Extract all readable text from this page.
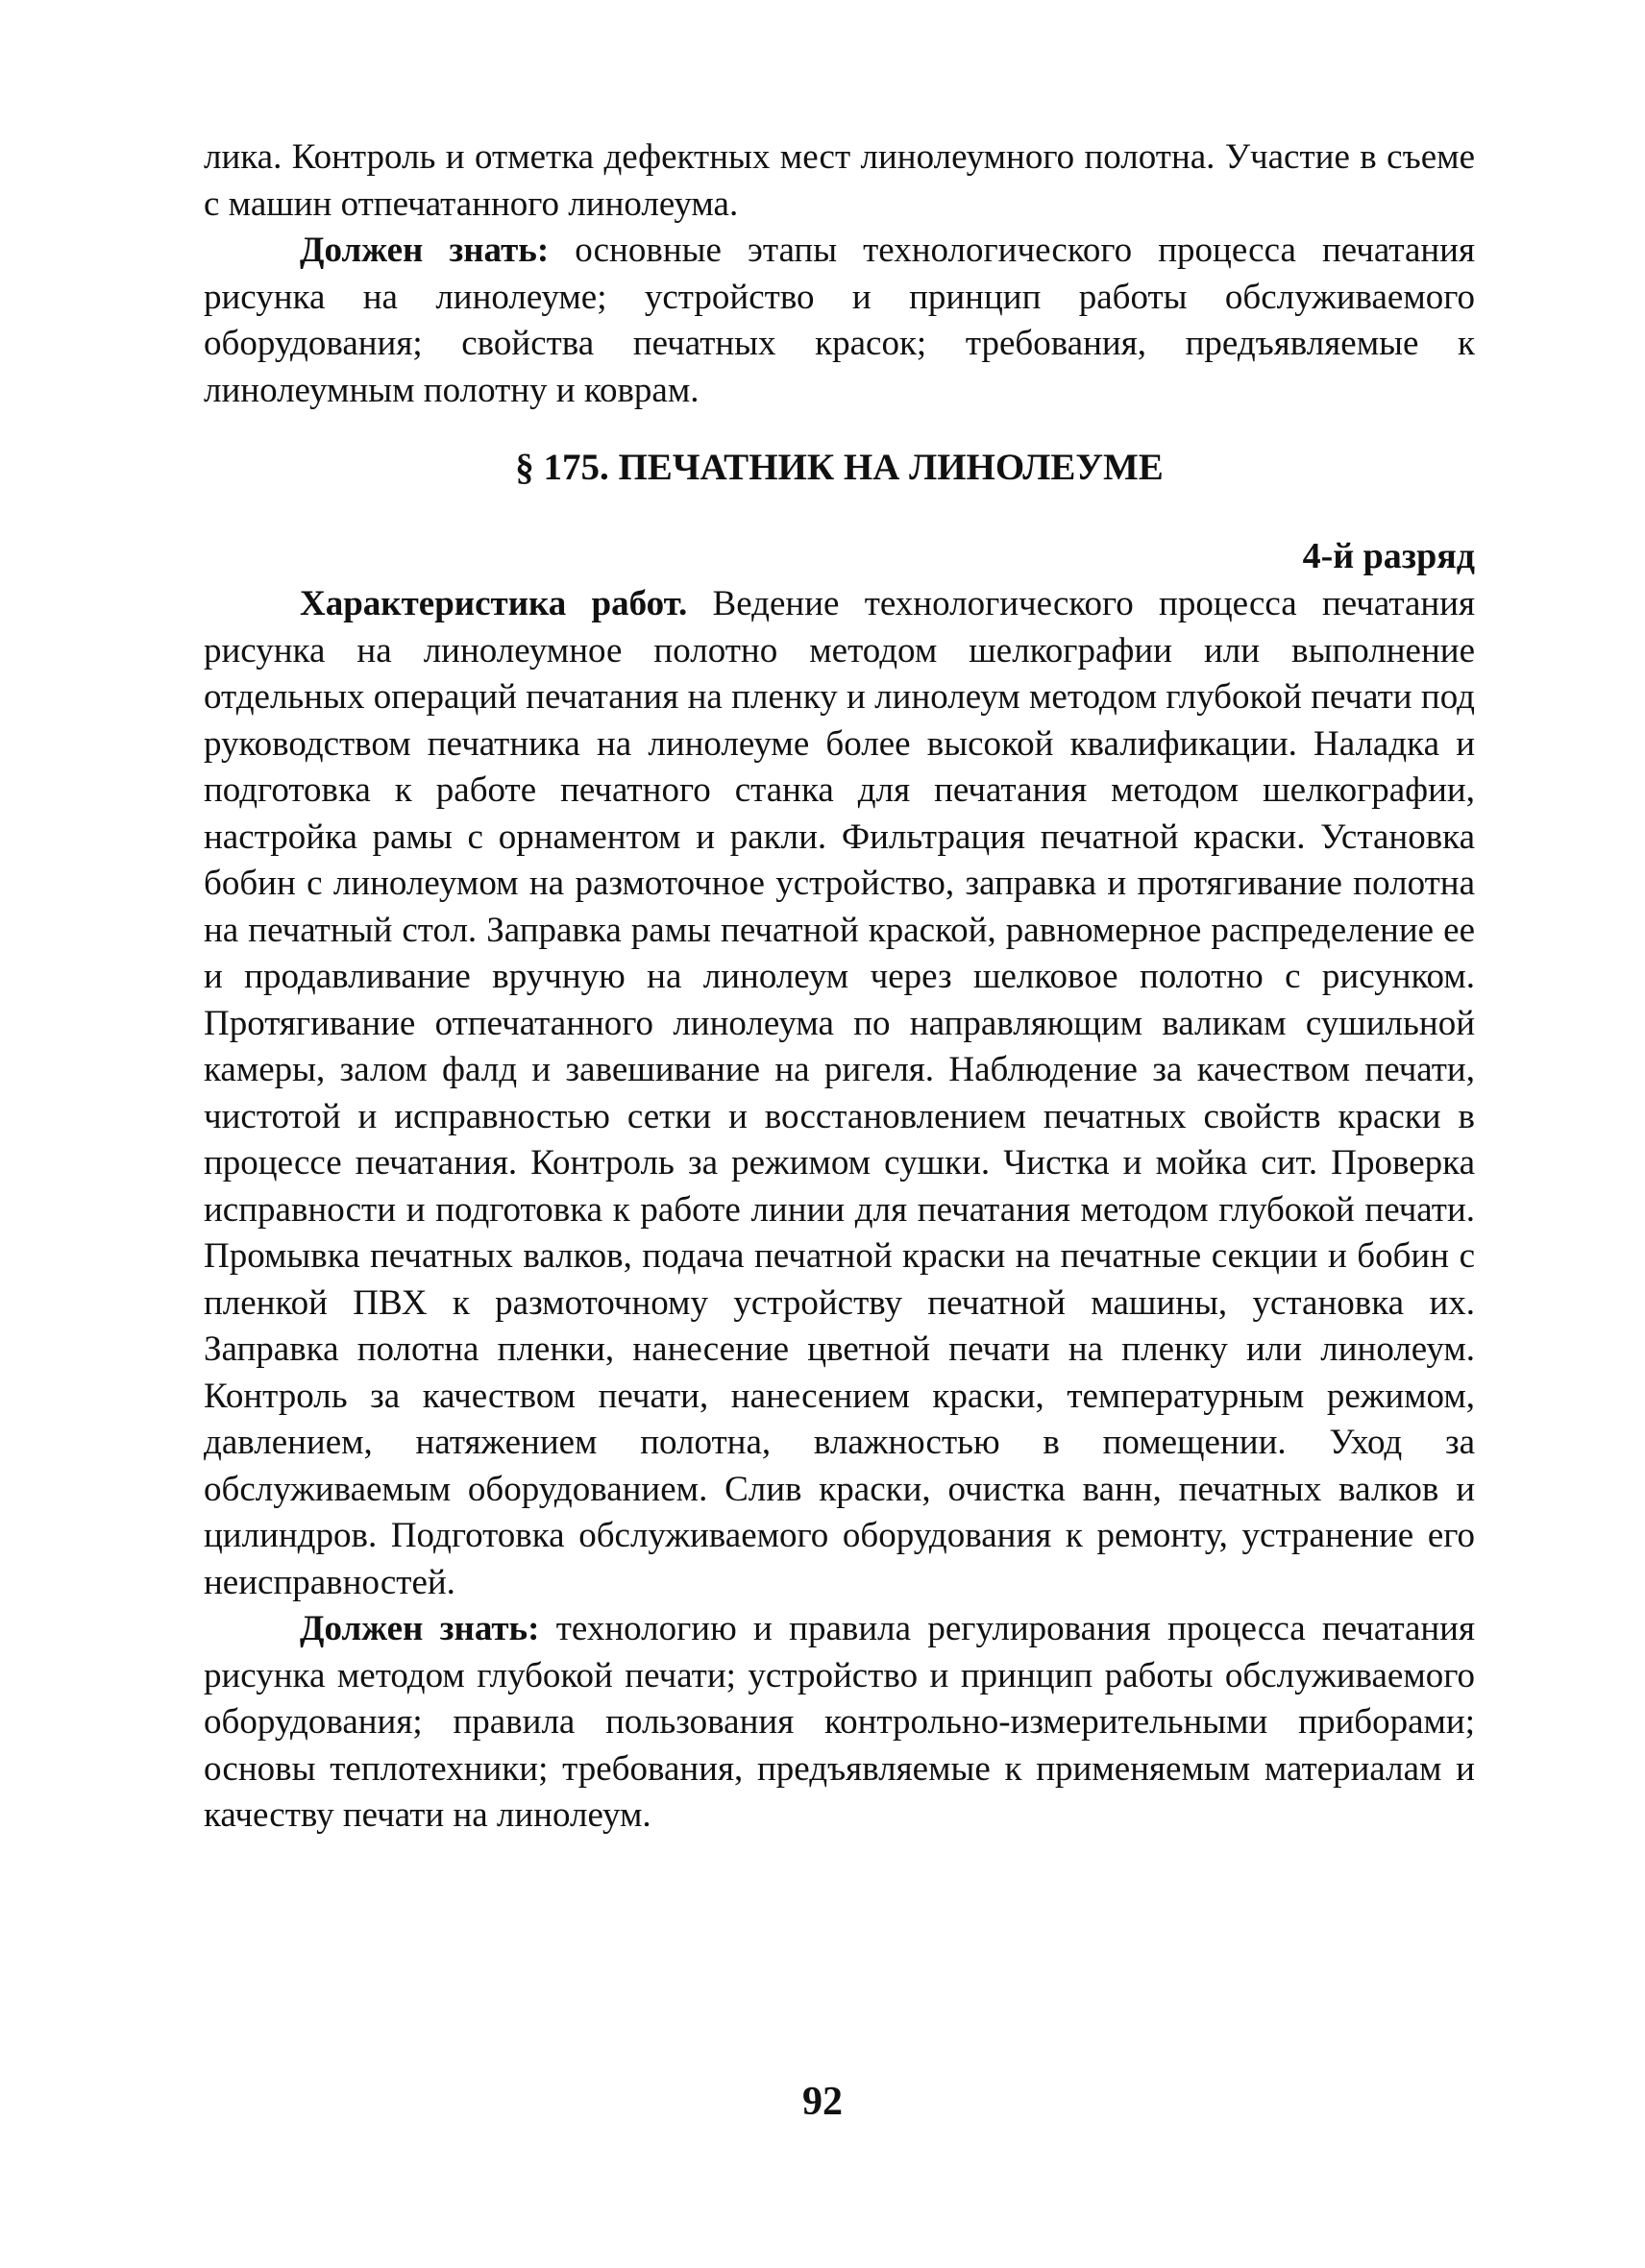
лика. Контроль и отметка дефектных мест линолеумного полотна. Участие в съеме с машин отпечатанного линолеума.

Должен знать: основные этапы технологического процесса печатания рисунка на линолеуме; устройство и принцип работы обслуживаемого оборудования; свойства печатных красок; требования, предъявляемые к линолеумным полотну и коврам.

§ 175. ПЕЧАТНИК НА ЛИНОЛЕУМЕ

4-й разряд

Характеристика работ. Ведение технологического процесса печатания рисунка на линолеумное полотно методом шелкографии или выполнение отдельных операций печатания на пленку и линолеум методом глубокой печати под руководством печатника на линолеуме более высокой квалификации. Наладка и подготовка к работе печатного станка для печатания методом шелкографии, настройка рамы с орнаментом и ракли. Фильтрация печатной краски. Установка бобин с линолеумом на размоточное устройство, заправка и протягивание полотна на печатный стол. Заправка рамы печатной краской, равномерное распределение ее и продавливание вручную на линолеум через шелковое полотно с рисунком. Протягивание отпечатанного линолеума по направляющим валикам сушильной камеры, залом фалд и завешивание на ригеля. Наблюдение за качеством печати, чистотой и исправностью сетки и восстановлением печатных свойств краски в процессе печатания. Контроль за режимом сушки. Чистка и мойка сит. Проверка исправности и подготовка к работе линии для печатания методом глубокой печати. Промывка печатных валков, подача печатной краски на печатные секции и бобин с пленкой ПВХ к размоточному устройству печатной машины, установка их. Заправка полотна пленки, нанесение цветной печати на пленку или линолеум. Контроль за качеством печати, нанесением краски, температурным режимом, давлением, натяжением полотна, влажностью в помещении. Уход за обслуживаемым оборудованием. Слив краски, очистка ванн, печатных валков и цилиндров. Подготовка обслуживаемого оборудования к ремонту, устранение его неисправностей.

Должен знать: технологию и правила регулирования процесса печатания рисунка методом глубокой печати; устройство и принцип работы обслуживаемого оборудования; правила пользования контрольно-измерительными приборами; основы теплотехники; требования, предъявляемые к применяемым материалам и качеству печати на линолеум.

92
